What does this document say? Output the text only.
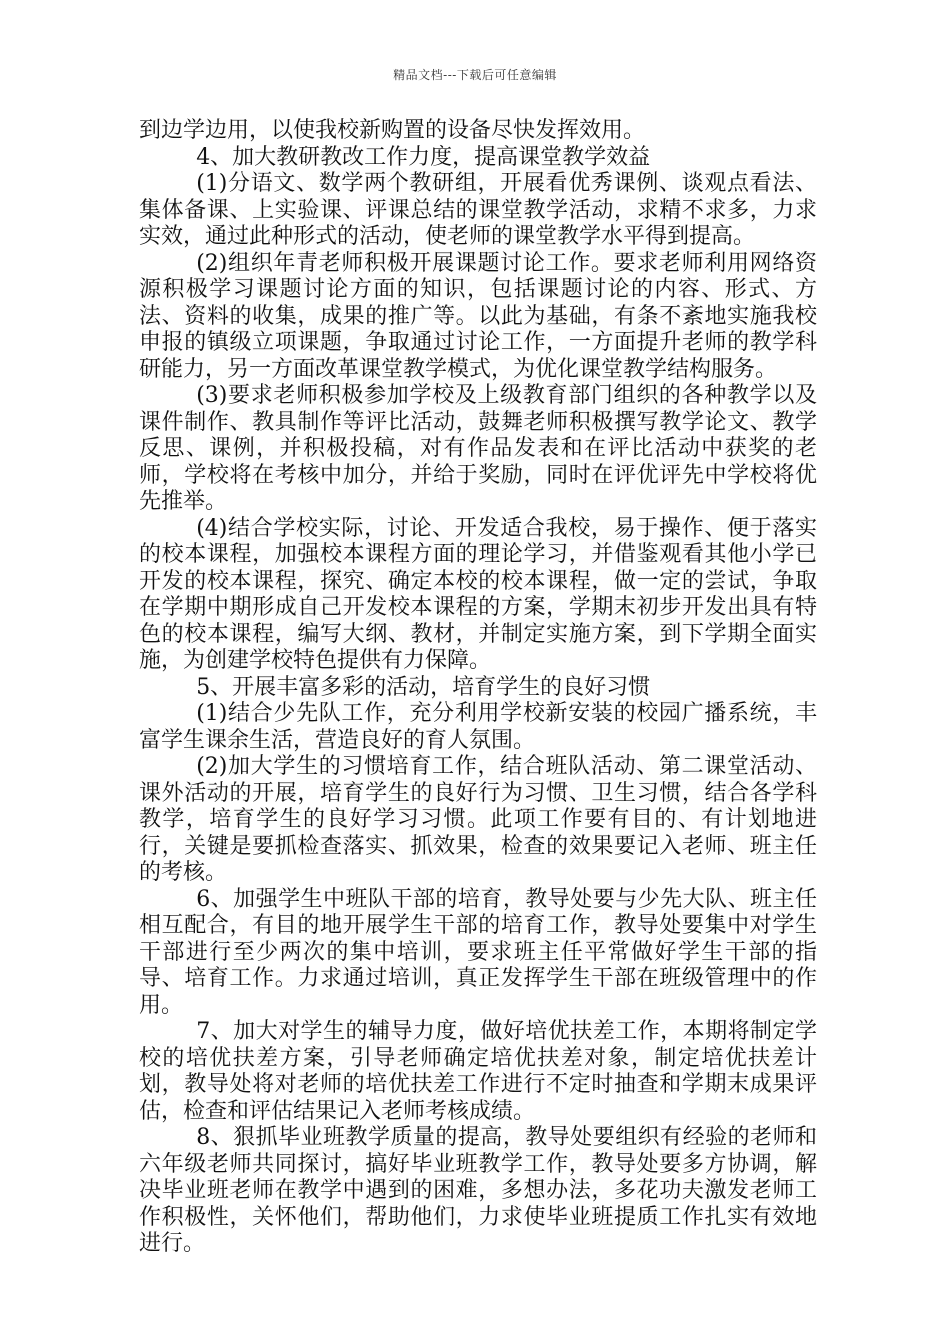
精品文档---下载后可任意编辑

到边学边用，以使我校新购置的设备尽快发挥效用。

4、加大教研教改工作力度，提高课堂教学效益

(1)分语文、数学两个教研组，开展看优秀课例、谈观点看法、集体备课、上实验课、评课总结的课堂教学活动，求精不求多，力求实效，通过此种形式的活动，使老师的课堂教学水平得到提高。

(2)组织年青老师积极开展课题讨论工作。要求老师利用网络资源积极学习课题讨论方面的知识，包括课题讨论的内容、形式、方法、资料的收集，成果的推广等。以此为基础，有条不紊地实施我校申报的镇级立项课题，争取通过讨论工作，一方面提升老师的教学科研能力，另一方面改革课堂教学模式，为优化课堂教学结构服务。

(3)要求老师积极参加学校及上级教育部门组织的各种教学以及课件制作、教具制作等评比活动，鼓舞老师积极撰写教学论文、教学反思、课例，并积极投稿，对有作品发表和在评比活动中获奖的老师，学校将在考核中加分，并给于奖励，同时在评优评先中学校将优先推举。

(4)结合学校实际，讨论、开发适合我校，易于操作、便于落实的校本课程，加强校本课程方面的理论学习，并借鉴观看其他小学已开发的校本课程，探究、确定本校的校本课程，做一定的尝试，争取在学期中期形成自己开发校本课程的方案，学期末初步开发出具有特色的校本课程，编写大纲、教材，并制定实施方案，到下学期全面实施，为创建学校特色提供有力保障。

5、开展丰富多彩的活动，培育学生的良好习惯

(1)结合少先队工作，充分利用学校新安装的校园广播系统，丰富学生课余生活，营造良好的育人氛围。

(2)加大学生的习惯培育工作，结合班队活动、第二课堂活动、课外活动的开展，培育学生的良好行为习惯、卫生习惯，结合各学科教学，培育学生的良好学习习惯。此项工作要有目的、有计划地进行，关键是要抓检查落实、抓效果，检查的效果要记入老师、班主任的考核。

6、加强学生中班队干部的培育，教导处要与少先大队、班主任相互配合，有目的地开展学生干部的培育工作，教导处要集中对学生干部进行至少两次的集中培训，要求班主任平常做好学生干部的指导、培育工作。力求通过培训，真正发挥学生干部在班级管理中的作用。

7、加大对学生的辅导力度，做好培优扶差工作，本期将制定学校的培优扶差方案，引导老师确定培优扶差对象，制定培优扶差计划，教导处将对老师的培优扶差工作进行不定时抽查和学期末成果评估，检查和评估结果记入老师考核成绩。

8、狠抓毕业班教学质量的提高，教导处要组织有经验的老师和六年级老师共同探讨，搞好毕业班教学工作，教导处要多方协调，解决毕业班老师在教学中遇到的困难，多想办法，多花功夫激发老师工作积极性，关怀他们，帮助他们，力求使毕业班提质工作扎实有效地进行。
